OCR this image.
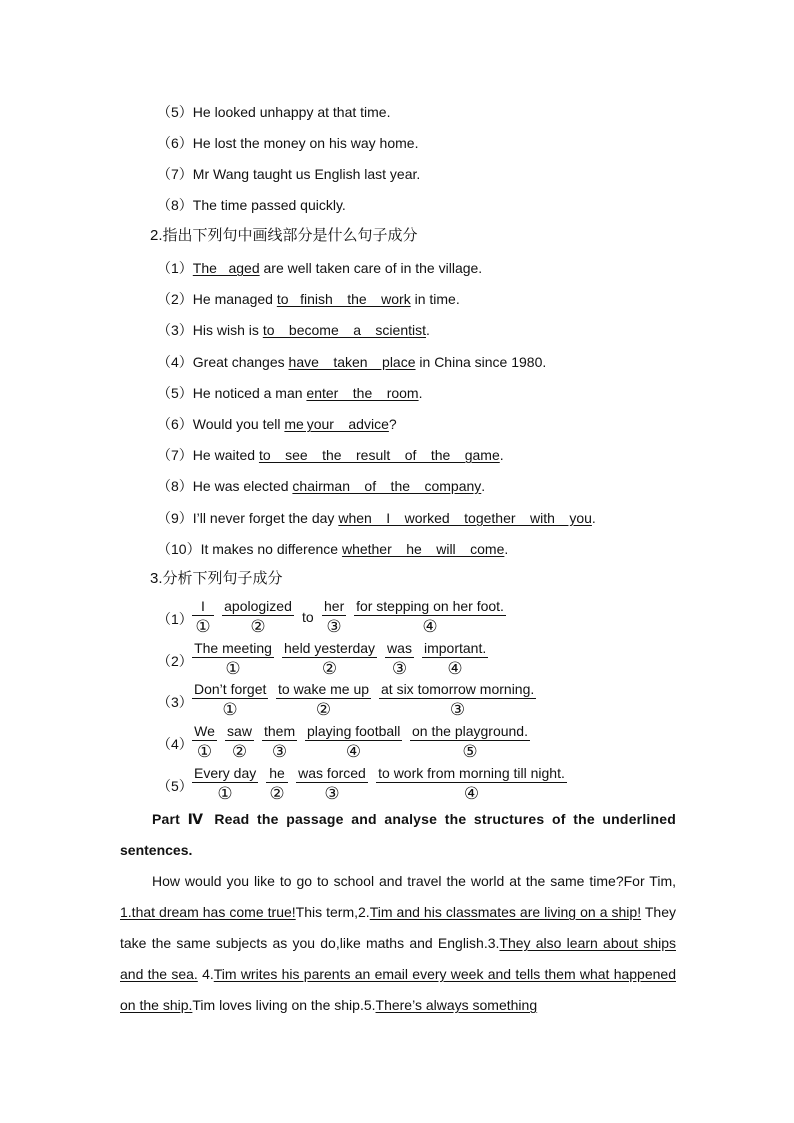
（5）He looked unhappy at that time.
（6）He lost the money on his way home.
（7）Mr Wang taught us English last year.
（8）The time passed quickly.
2.指出下列句中画线部分是什么句子成分
（1）The    aged are well taken care of in the village.
（2）He managed to    finish     the     work in time.
（3）His wish is to     become     a     scientist.
（4）Great changes have     taken     place in China since 1980.
（5）He noticed a man enter     the     room.
（6）Would you tell me your     advice?
（7）He waited to     see     the     result     of     the     game.
（8）He was elected chairman     of     the     company.
（9）I’ll never forget the day when     I     worked     together     with     you.
（10）It makes no difference whether     he     will     come.
3.分析下列句子成分
（1）
I
①
apologized
②	to
her
③
for stepping on her foot.
④
（2）
The meeting
①
held yesterday
②
was
③
important.
④
（3）
Don’t forget
①
to wake me up
②
at six tomorrow morning.
③
（4）
We
①
saw
②
them
③
playing football
④
on the playground.
⑤
（5）
Every day
①
he
②
was forced
③
to work from morning till night.
④
Part Ⅳ Read the passage and analyse the structures of the underlined
sentences.
How would you like to go to school and travel the world at the same time?For Tim, 1.that dream has come true!This term,2.Tim and his classmates are living on a ship! They take the same subjects as you do,like maths and English.3.They also learn about ships and the sea. 4.Tim writes his parents an email every week and tells them what happened on the ship.Tim loves living on the ship.5.There’s always something
